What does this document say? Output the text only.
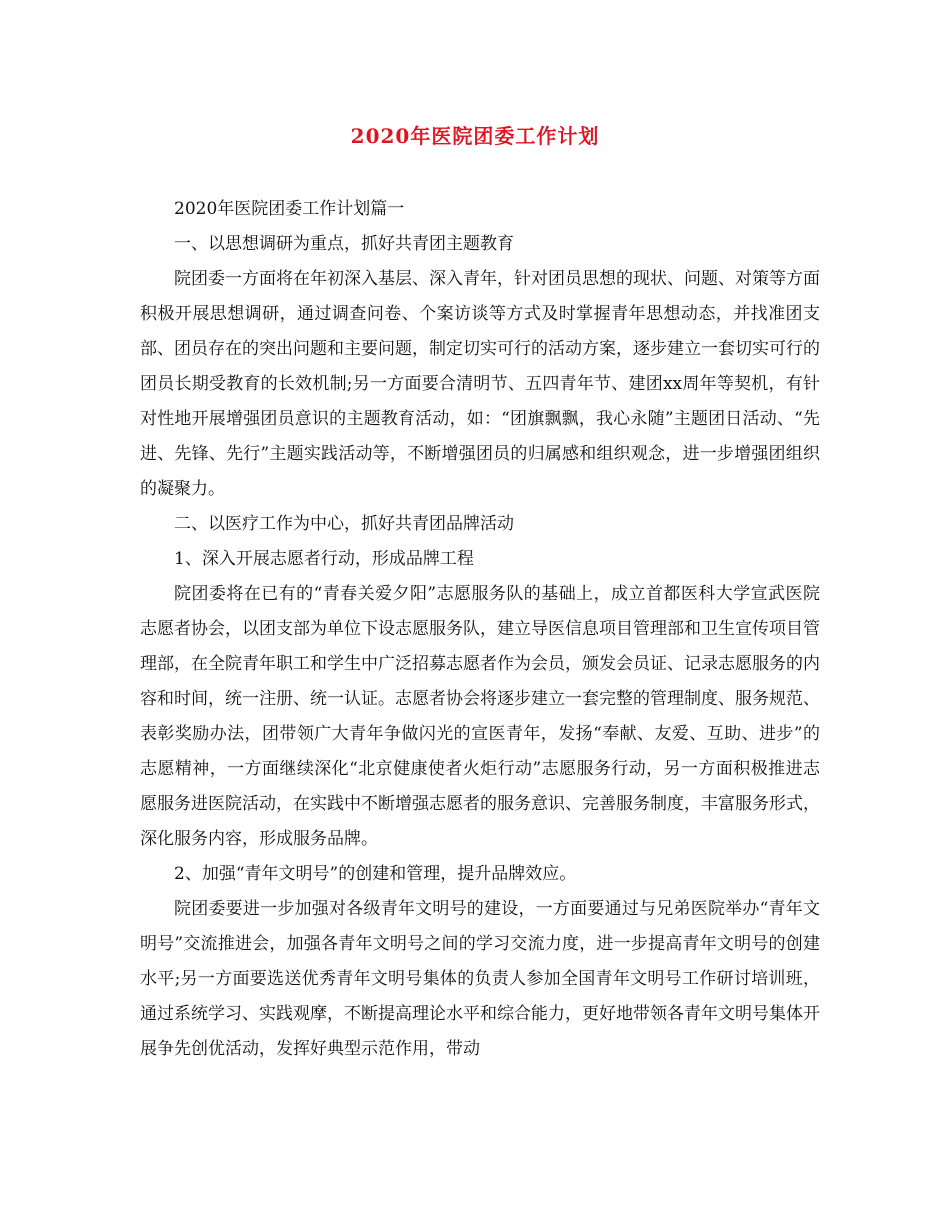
2020年医院团委工作计划

2020年医院团委工作计划篇一

一、以思想调研为重点，抓好共青团主题教育

院团委一方面将在年初深入基层、深入青年，针对团员思想的现状、问题、对策等方面积极开展思想调研，通过调查问卷、个案访谈等方式及时掌握青年思想动态，并找准团支部、团员存在的突出问题和主要问题，制定切实可行的活动方案，逐步建立一套切实可行的团员长期受教育的长效机制;另一方面要合清明节、五四青年节、建团xx周年等契机，有针对性地开展增强团员意识的主题教育活动，如：“团旗飘飘，我心永随”主题团日活动、“先进、先锋、先行”主题实践活动等，不断增强团员的归属感和组织观念，进一步增强团组织的凝聚力。

二、以医疗工作为中心，抓好共青团品牌活动

1、深入开展志愿者行动，形成品牌工程

院团委将在已有的“青春关爱夕阳”志愿服务队的基础上，成立首都医科大学宣武医院志愿者协会，以团支部为单位下设志愿服务队，建立导医信息项目管理部和卫生宣传项目管理部，在全院青年职工和学生中广泛招募志愿者作为会员，颁发会员证、记录志愿服务的内容和时间，统一注册、统一认证。志愿者协会将逐步建立一套完整的管理制度、服务规范、表彰奖励办法，团带领广大青年争做闪光的宣医青年，发扬“奉献、友爱、互助、进步”的志愿精神，一方面继续深化“北京健康使者火炬行动”志愿服务行动，另一方面积极推进志愿服务进医院活动，在实践中不断增强志愿者的服务意识、完善服务制度，丰富服务形式，深化服务内容，形成服务品牌。

2、加强“青年文明号”的创建和管理，提升品牌效应。

院团委要进一步加强对各级青年文明号的建设，一方面要通过与兄弟医院举办“青年文明号”交流推进会，加强各青年文明号之间的学习交流力度，进一步提高青年文明号的创建水平;另一方面要选送优秀青年文明号集体的负责人参加全国青年文明号工作研讨培训班，通过系统学习、实践观摩，不断提高理论水平和综合能力，更好地带领各青年文明号集体开展争先创优活动，发挥好典型示范作用，带动
